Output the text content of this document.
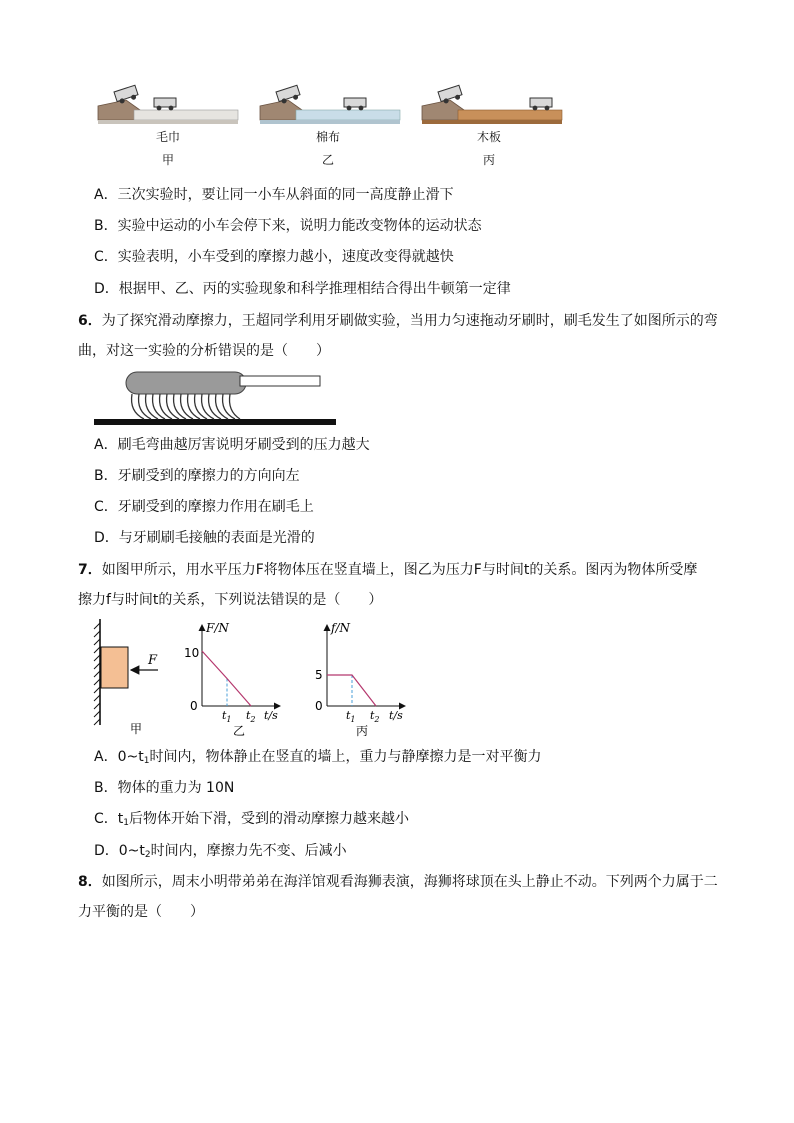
毛巾
甲
棉布
乙
木板
丙
A．三次实验时，要让同一小车从斜面的同一高度静止滑下
B．实验中运动的小车会停下来，说明力能改变物体的运动状态
C．实验表明，小车受到的摩擦力越小，速度改变得就越快
D．根据甲、乙、丙的实验现象和科学推理相结合得出牛顿第一定律
6．为了探究滑动摩擦力，王超同学利用牙刷做实验，当用力匀速拖动牙刷时，刷毛发生了如图所示的弯
曲，对这一实验的分析错误的是（　　）
A．刷毛弯曲越厉害说明牙刷受到的压力越大
B．牙刷受到的摩擦力的方向向左
C．牙刷受到的摩擦力作用在刷毛上
D．与牙刷刷毛接触的表面是光滑的
7．如图甲所示，用水平压力F将物体压在竖直墙上，图乙为压力F与时间t的关系。图丙为物体所受摩
擦力f与时间t的关系，下列说法错误的是（　　）
F
甲
F/N
10
0
$t_1$ $t_2$ t/s
乙
f/N
5
0
$t_1$ $t_2$ t/s
丙
A．$0\sim t_1$时间内，物体静止在竖直的墙上，重力与静摩擦力是一对平衡力
B．物体的重力为 10N
C．$t_1$后物体开始下滑，受到的滑动摩擦力越来越小
D．$0\sim t_2$时间内，摩擦力先不变、后减小
8．如图所示，周末小明带弟弟在海洋馆观看海狮表演，海狮将球顶在头上静止不动。下列两个力属于二
力平衡的是（　　）
